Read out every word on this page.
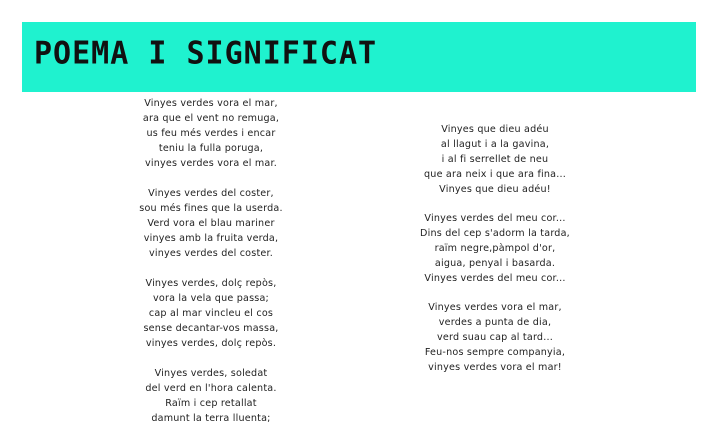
POEMA I SIGNIFICAT
Vinyes verdes vora el mar,
ara que el vent no remuga,
us feu més verdes i encar
teniu la fulla poruga,
vinyes verdes vora el mar.
Vinyes verdes del coster,
sou més fines que la userda.
Verd vora el blau mariner
vinyes amb la fruita verda,
vinyes verdes del coster.
Vinyes verdes, dolç repòs,
vora la vela que passa;
cap al mar vinclеu el cos
sense decantar-vos massa,
vinyes verdes, dolç repòs.
Vinyes verdes, soledat
del verd en l'hora calenta.
Raïm i cep retallat
damunt la terra lluenta;
Vinyes que dieu adéu
al llagut i a la gavina,
i al fi serrellet de neu
que ara neix i que ara fina...
Vinyes que dieu adéu!
Vinyes verdes del meu cor...
Dins del cep s'adorm la tarda,
raïm negre,pàmpol d'or,
aigua, penyal i basarda.
Vinyes verdes del meu cor...
Vinyes verdes vora el mar,
verdes a punta de dia,
verd suau cap al tard...
Feu-nos sempre companyia,
vinyes verdes vora el mar!
